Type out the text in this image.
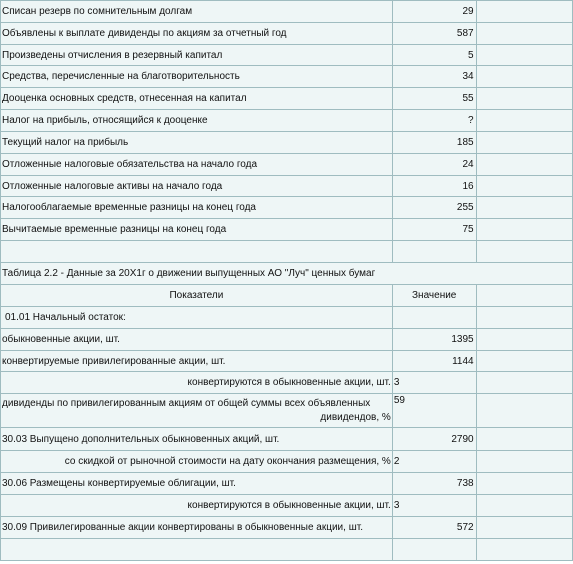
Списан резерв по сомнительным долгам	29	
Объявлены к выплате дивиденды по акциям за отчетный год	587	
Произведены отчисления в резервный капитал	5	
Средства, перечисленные на благотворительность	34	
Дооценка основных средств, отнесенная на капитал	55	
Налог на прибыль, относящийся к дооценке	?	
Текущий налог на прибыль	185	
Отложенные налоговые обязательства на начало года	24	
Отложенные налоговые активы на начало года	16	
Налогооблагаемые временные разницы на конец года	255	
Вычитаемые временные разницы на конец года	75	

Таблица 2.2 - Данные за 20Х1г о движении выпущенных АО "Луч" ценных бумаг		
Показатели	Значение	
01.01 Начальный остаток:		
обыкновенные акции, шт.	1395	
конвертируемые привилегированные акции, шт.	1144	
конвертируются в обыкновенные акции, шт.	3	
дивиденды по привилегированным акциям от общей суммы всех объявленных

дивидендов, %	59	
30.03 Выпущено дополнительных обыкновенных акций, шт.	2790	
со скидкой от рыночной стоимости на дату окончания размещения, %	2	
30.06 Размещены конвертируемые облигации, шт.	738	
конвертируются в обыкновенные акции, шт.	3	
30.09 Привилегированные акции конвертированы в обыкновенные акции, шт.	572	
